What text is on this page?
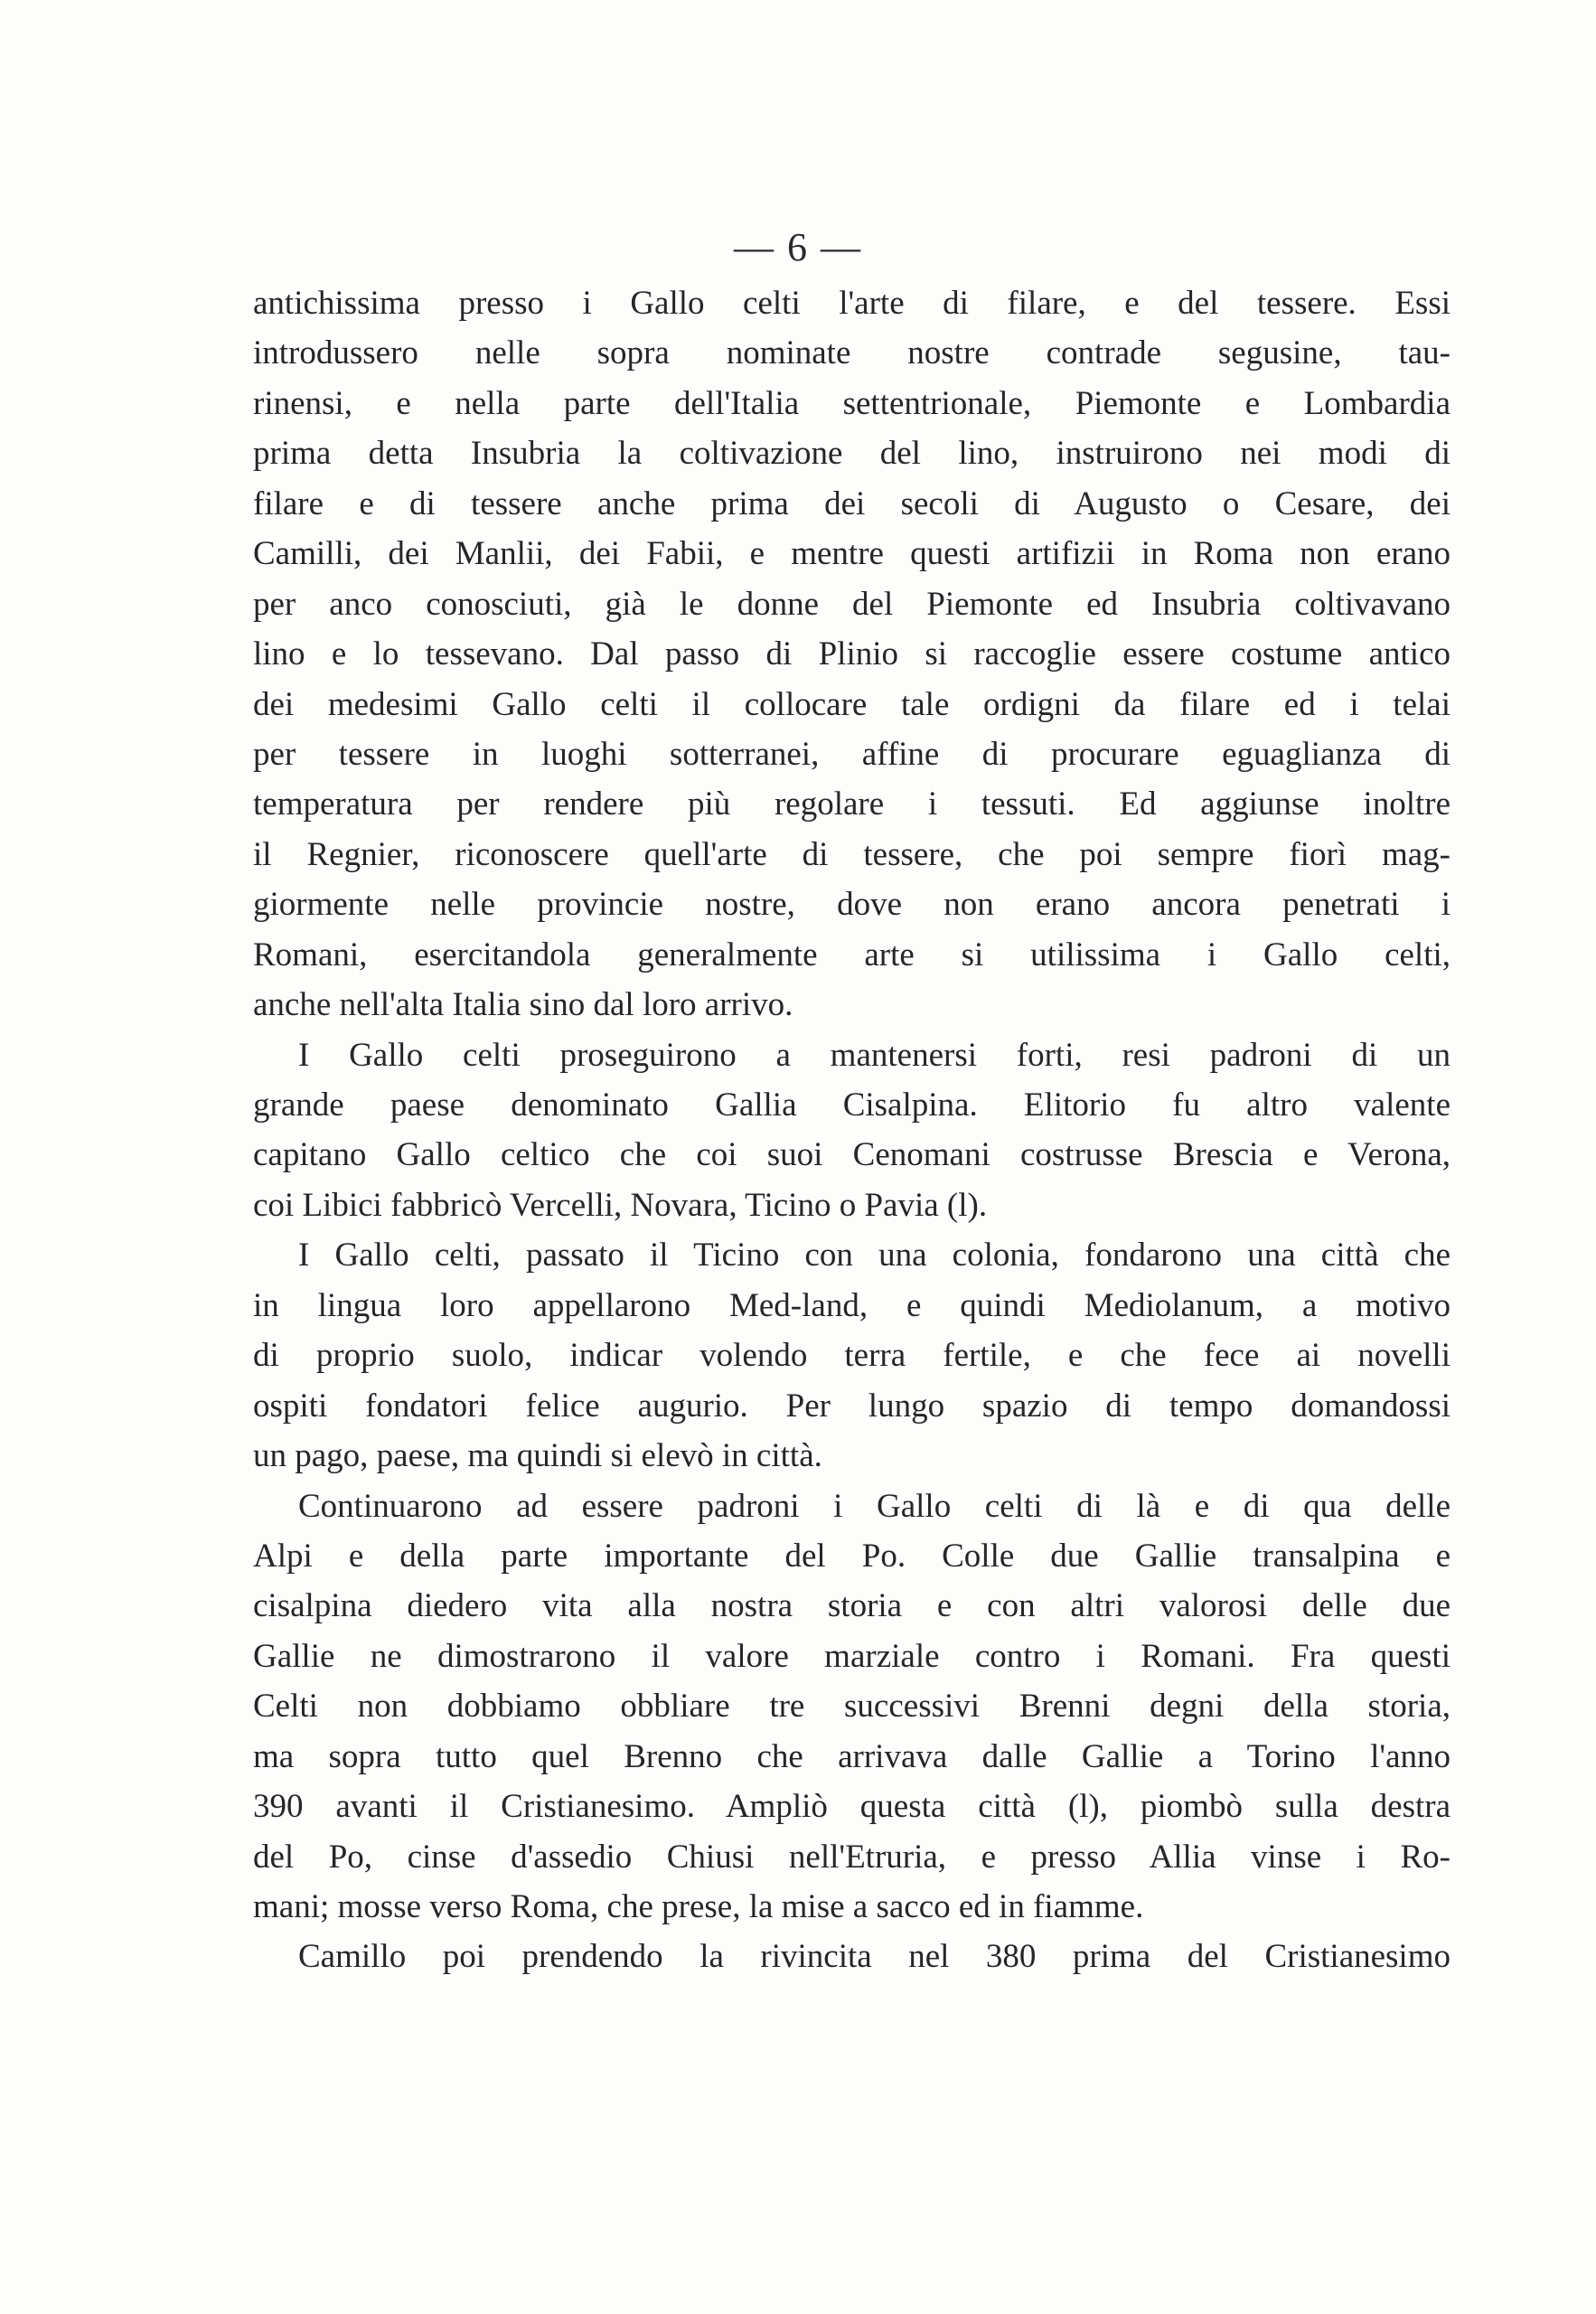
— 6 —
antichissima presso i Gallo celti l'arte di filare, e del tessere. Essi
introdussero nelle sopra nominate nostre contrade segusine, tau-
rinensi, e nella parte dell'Italia settentrionale, Piemonte e Lombardia
prima detta Insubria la coltivazione del lino, instruirono nei modi di
filare e di tessere anche prima dei secoli di Augusto o Cesare, dei
Camilli, dei Manlii, dei Fabii, e mentre questi artifizii in Roma non erano
per anco conosciuti, già le donne del Piemonte ed Insubria coltivavano
lino e lo tessevano. Dal passo di Plinio si raccoglie essere costume antico
dei medesimi Gallo celti il collocare tale ordigni da filare ed i telai
per tessere in luoghi sotterranei, affine di procurare eguaglianza di
temperatura per rendere più regolare i tessuti. Ed aggiunse inoltre
il Regnier, riconoscere quell'arte di tessere, che poi sempre fiorì mag-
giormente nelle provincie nostre, dove non erano ancora penetrati i
Romani, esercitandola generalmente arte si utilissima i Gallo celti,
anche nell'alta Italia sino dal loro arrivo.
I Gallo celti proseguirono a mantenersi forti, resi padroni di un
grande paese denominato Gallia Cisalpina. Elitorio fu altro valente
capitano Gallo celtico che coi suoi Cenomani costrusse Brescia e Verona,
coi Libici fabbricò Vercelli, Novara, Ticino o Pavia (l).
I Gallo celti, passato il Ticino con una colonia, fondarono una città che
in lingua loro appellarono Med-land, e quindi Mediolanum, a motivo
di proprio suolo, indicar volendo terra fertile, e che fece ai novelli
ospiti fondatori felice augurio. Per lungo spazio di tempo domandossi
un pago, paese, ma quindi si elevò in città.
Continuarono ad essere padroni i Gallo celti di là e di qua delle
Alpi e della parte importante del Po. Colle due Gallie transalpina e
cisalpina diedero vita alla nostra storia e con altri valorosi delle due
Gallie ne dimostrarono il valore marziale contro i Romani. Fra questi
Celti non dobbiamo obbliare tre successivi Brenni degni della storia,
ma sopra tutto quel Brenno che arrivava dalle Gallie a Torino l'anno
390 avanti il Cristianesimo. Ampliò questa città (l), piombò sulla destra
del Po, cinse d'assedio Chiusi nell'Etruria, e presso Allia vinse i Ro-
mani; mosse verso Roma, che prese, la mise a sacco ed in fiamme.
Camillo poi prendendo la rivincita nel 380 prima del Cristianesimo
